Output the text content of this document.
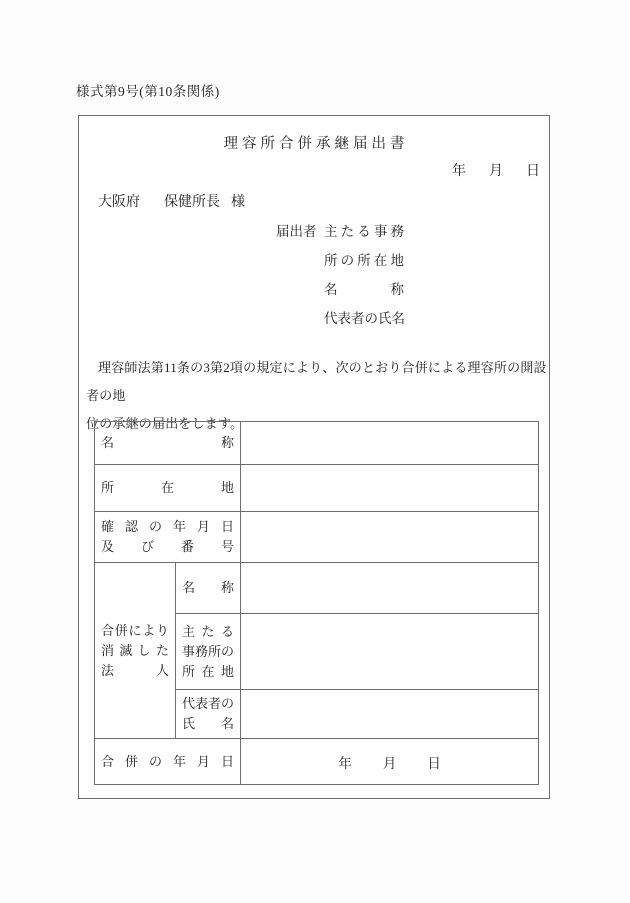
様式第9号(第10条関係)
理容所合併承継届出書
年 月 日
大阪府 保健所長 様
届出者 主 た る 事 務
所 の 所 在 地
名	称
代 表 者 の 氏 名
理容師法第11条の3第2項の規定により、次のとおり合併による理容所の開設者の地
位の承継の届出をします。
名 称		

所 在 地		

確 認 の 年 月 日
及 び 番 号

合 併 に よ り
消 滅 し た
法	人

名 称

主 た る
事 務 所 の
所 在 地

代 表 者 の
氏 名

合 併 の 年 月 日	年 月 日
